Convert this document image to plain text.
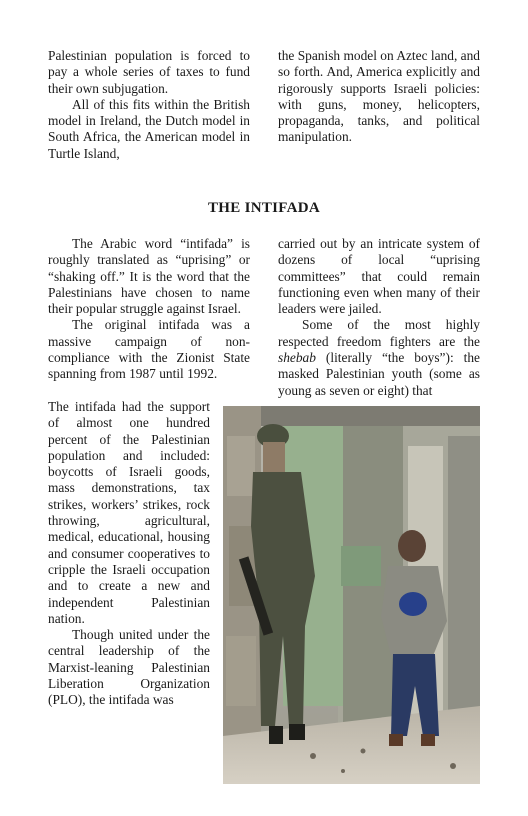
Palestinian population is forced to pay a whole series of taxes to fund their own subjugation.

All of this fits within the British model in Ireland, the Dutch model in South Africa, the American model in Turtle Island,

the Spanish model on Aztec land, and so forth. And, America explicitly and rigorously supports Israeli policies: with guns, money, helicopters, propaganda, tanks, and political manipulation.

THE INTIFADA

The Arabic word “intifada” is roughly translated as “uprising” or “shaking off.” It is the word that the Palestinians have chosen to name their popular struggle against Israel.

The original intifada was a massive campaign of non-compliance with the Zionist State spanning from 1987 until 1992.

The intifada had the support of almost one hundred percent of the Palestinian population and included: boycotts of Israeli goods, mass demonstrations, tax strikes, workers’ strikes, rock throwing, agricultural, medical, educational, housing and consumer cooperatives to cripple the Israeli occupation and to create a new and independent Palestinian nation.

Though united under the central leadership of the Marxist-leaning Palestinian Liberation Organization (PLO), the intifada was

carried out by an intricate system of dozens of local “uprising committees” that could remain functioning even when many of their leaders were jailed.

Some of the most highly respected freedom fighters are the shebab (literally “the boys”): the masked Palestinian youth (some as young as seven or eight) that
